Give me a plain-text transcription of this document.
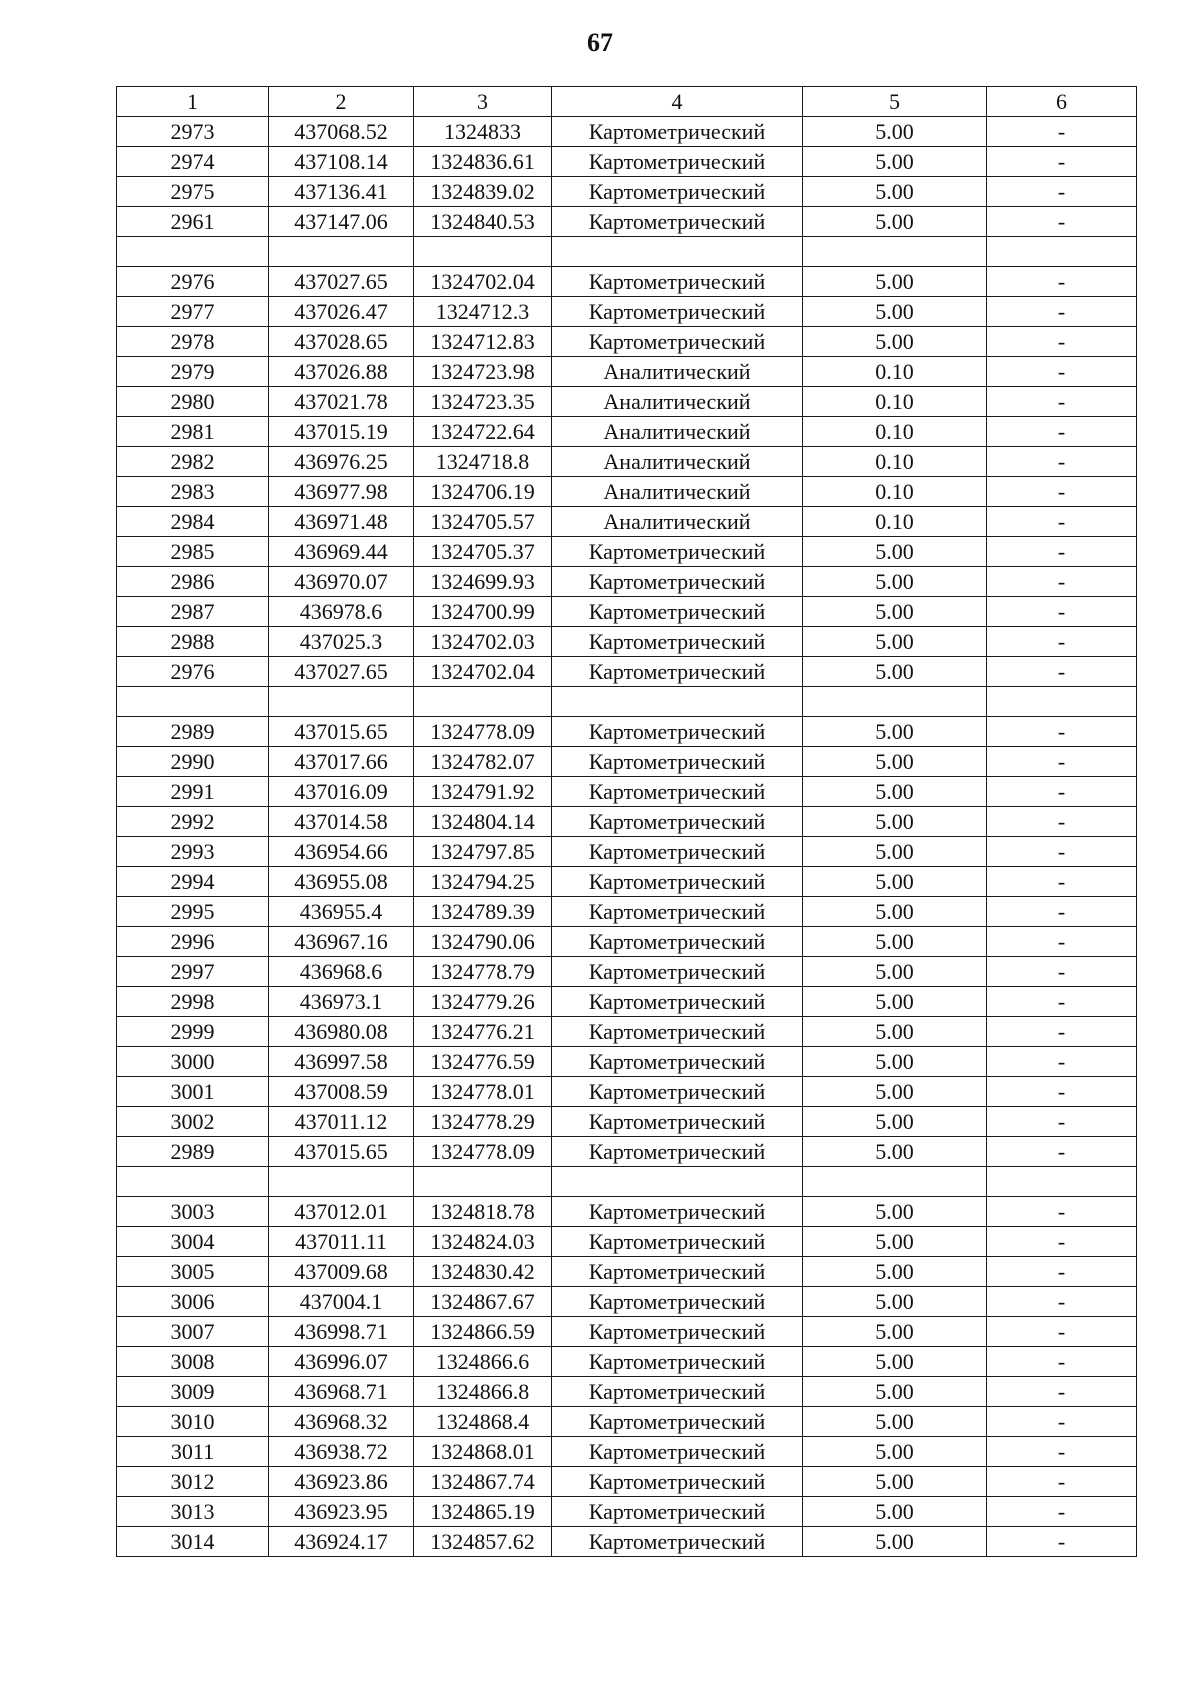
67
1	2	3	4	5	6
2973	437068.52	1324833	Картометрический	5.00	-
2974	437108.14	1324836.61	Картометрический	5.00	-
2975	437136.41	1324839.02	Картометрический	5.00	-
2961	437147.06	1324840.53	Картометрический	5.00	-

2976	437027.65	1324702.04	Картометрический	5.00	-
2977	437026.47	1324712.3	Картометрический	5.00	-
2978	437028.65	1324712.83	Картометрический	5.00	-
2979	437026.88	1324723.98	Аналитический	0.10	-
2980	437021.78	1324723.35	Аналитический	0.10	-
2981	437015.19	1324722.64	Аналитический	0.10	-
2982	436976.25	1324718.8	Аналитический	0.10	-
2983	436977.98	1324706.19	Аналитический	0.10	-
2984	436971.48	1324705.57	Аналитический	0.10	-
2985	436969.44	1324705.37	Картометрический	5.00	-
2986	436970.07	1324699.93	Картометрический	5.00	-
2987	436978.6	1324700.99	Картометрический	5.00	-
2988	437025.3	1324702.03	Картометрический	5.00	-
2976	437027.65	1324702.04	Картометрический	5.00	-

2989	437015.65	1324778.09	Картометрический	5.00	-
2990	437017.66	1324782.07	Картометрический	5.00	-
2991	437016.09	1324791.92	Картометрический	5.00	-
2992	437014.58	1324804.14	Картометрический	5.00	-
2993	436954.66	1324797.85	Картометрический	5.00	-
2994	436955.08	1324794.25	Картометрический	5.00	-
2995	436955.4	1324789.39	Картометрический	5.00	-
2996	436967.16	1324790.06	Картометрический	5.00	-
2997	436968.6	1324778.79	Картометрический	5.00	-
2998	436973.1	1324779.26	Картометрический	5.00	-
2999	436980.08	1324776.21	Картометрический	5.00	-
3000	436997.58	1324776.59	Картометрический	5.00	-
3001	437008.59	1324778.01	Картометрический	5.00	-
3002	437011.12	1324778.29	Картометрический	5.00	-
2989	437015.65	1324778.09	Картометрический	5.00	-

3003	437012.01	1324818.78	Картометрический	5.00	-
3004	437011.11	1324824.03	Картометрический	5.00	-
3005	437009.68	1324830.42	Картометрический	5.00	-
3006	437004.1	1324867.67	Картометрический	5.00	-
3007	436998.71	1324866.59	Картометрический	5.00	-
3008	436996.07	1324866.6	Картометрический	5.00	-
3009	436968.71	1324866.8	Картометрический	5.00	-
3010	436968.32	1324868.4	Картометрический	5.00	-
3011	436938.72	1324868.01	Картометрический	5.00	-
3012	436923.86	1324867.74	Картометрический	5.00	-
3013	436923.95	1324865.19	Картометрический	5.00	-
3014	436924.17	1324857.62	Картометрический	5.00	-
